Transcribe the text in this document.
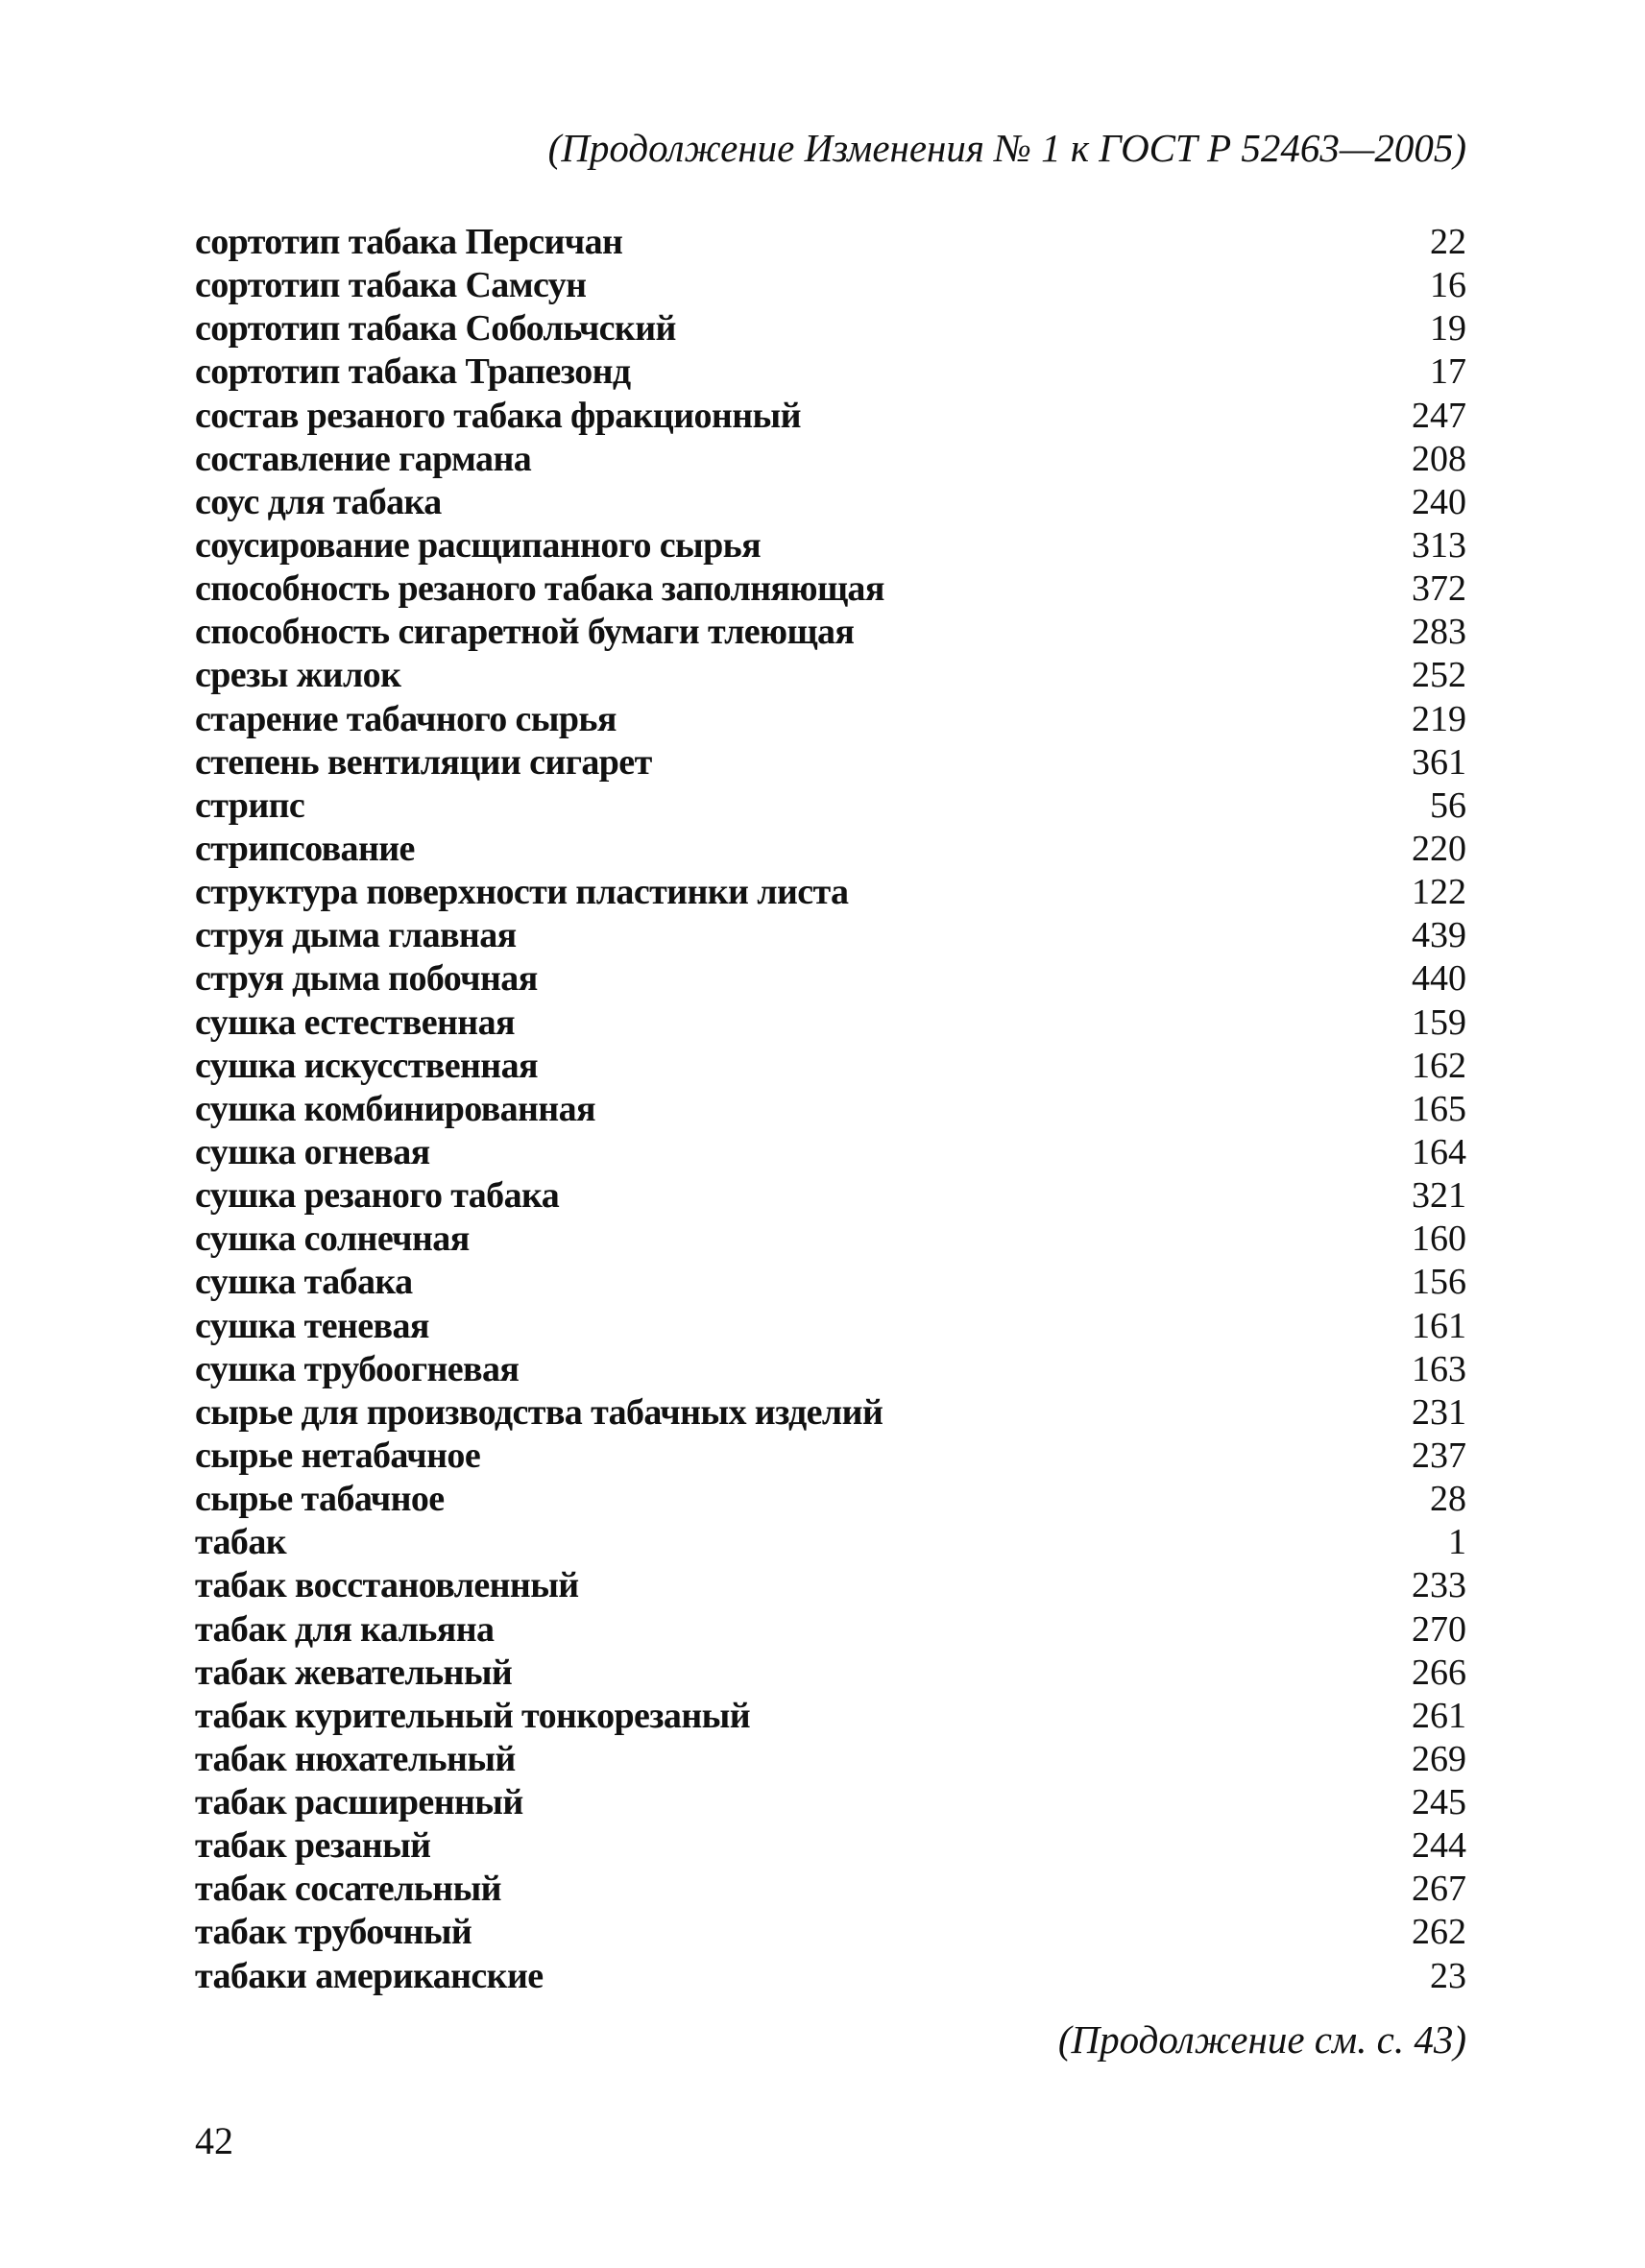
(Продолжение Изменения № 1 к ГОСТ Р 52463—2005)
сортотип табака Персичан	22
сортотип табака Самсун	16
сортотип табака Собольчский	19
сортотип табака Трапезонд	17
состав резаного табака фракционный	247
составление гармана	208
соус для табака	240
соусирование расщипанного сырья	313
способность резаного табака заполняющая	372
способность сигаретной бумаги тлеющая	283
срезы жилок	252
старение табачного сырья	219
степень вентиляции сигарет	361
стрипс	56
стрипсование	220
структура поверхности пластинки листа	122
струя дыма главная	439
струя дыма побочная	440
сушка естественная	159
сушка искусственная	162
сушка комбинированная	165
сушка огневая	164
сушка резаного табака	321
сушка солнечная	160
сушка табака	156
сушка теневая	161
сушка трубоогневая	163
сырье для производства табачных изделий	231
сырье нетабачное	237
сырье табачное	28
табак	1
табак восстановленный	233
табак для кальяна	270
табак жевательный	266
табак курительный тонкорезаный	261
табак нюхательный	269
табак расширенный	245
табак резаный	244
табак сосательный	267
табак трубочный	262
табаки американские	23
(Продолжение см. с. 43)
42
